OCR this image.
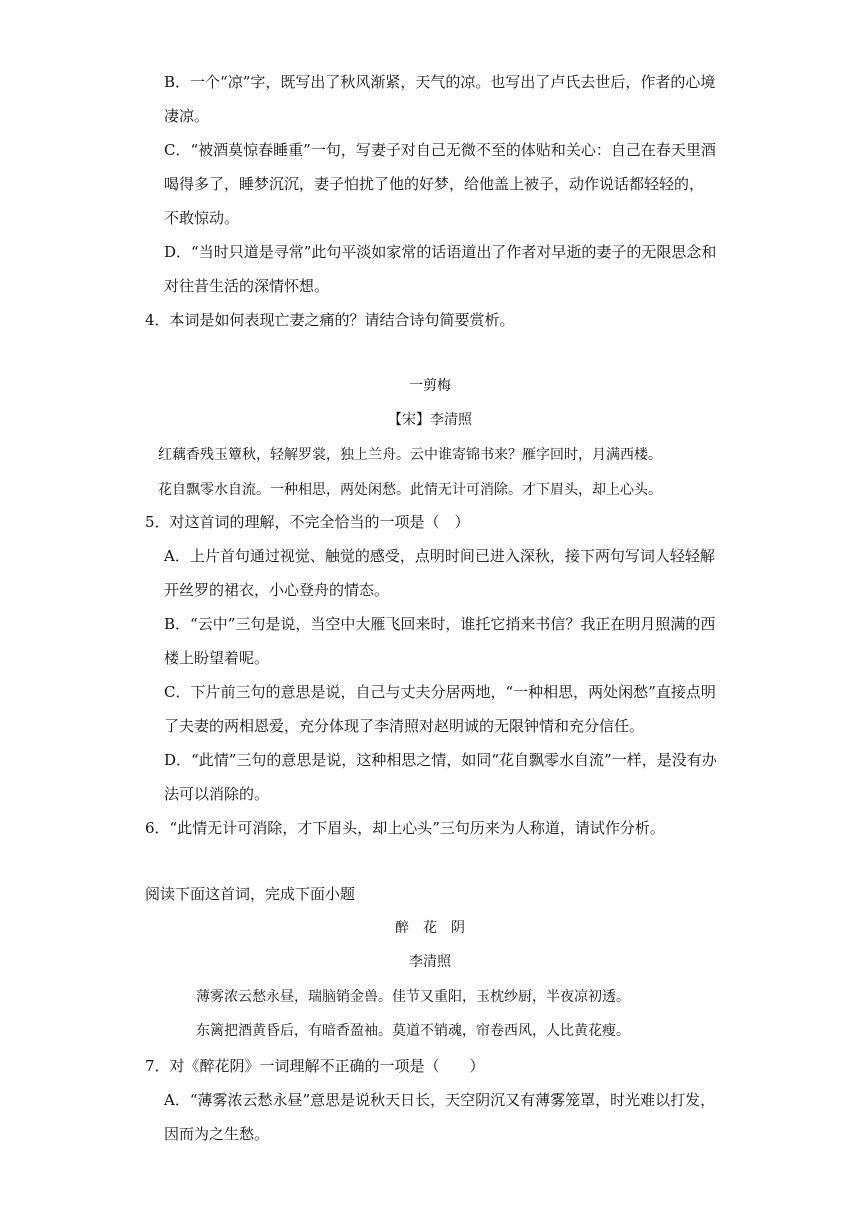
B．一个“凉”字，既写出了秋风渐紧，天气的凉。也写出了卢氏去世后，作者的心境
凄凉。
C．“被酒莫惊春睡重”一句，写妻子对自己无微不至的体贴和关心：自己在春天里酒
喝得多了，睡梦沉沉，妻子怕扰了他的好梦，给他盖上被子，动作说话都轻轻的，
不敢惊动。
D．“当时只道是寻常”此句平淡如家常的话语道出了作者对早逝的妻子的无限思念和
对往昔生活的深情怀想。
4．本词是如何表现亡妻之痛的？请结合诗句简要赏析。
一剪梅
【宋】李清照
红藕香残玉簟秋，轻解罗裳，独上兰舟。云中谁寄锦书来？雁字回时，月满西楼。
花自飘零水自流。一种相思，两处闲愁。此情无计可消除。才下眉头，却上心头。
5．对这首词的理解，不完全恰当的一项是（　）
A．上片首句通过视觉、触觉的感受，点明时间已进入深秋，接下两句写词人轻轻解
开丝罗的裙衣，小心登舟的情态。
B．“云中”三句是说，当空中大雁飞回来时，谁托它捎来书信？我正在明月照满的西
楼上盼望着呢。
C．下片前三句的意思是说，自己与丈夫分居两地，“一种相思，两处闲愁”直接点明
了夫妻的两相恩爱，充分体现了李清照对赵明诚的无限钟情和充分信任。
D．“此情”三句的意思是说，这种相思之情，如同“花自飘零水自流”一样，是没有办
法可以消除的。
6．“此情无计可消除，才下眉头，却上心头”三句历来为人称道，请试作分析。
阅读下面这首词，完成下面小题
醉　花　阴
李清照
薄雾浓云愁永昼，瑞脑销金兽。佳节又重阳，玉枕纱厨，半夜凉初透。
东篱把酒黄昏后，有暗香盈袖。莫道不销魂，帘卷西风，人比黄花瘦。
7．对《醉花阴》一词理解不正确的一项是（　　）
A．“薄雾浓云愁永昼”意思是说秋天日长，天空阴沉又有薄雾笼罩，时光难以打发，
因而为之生愁。
